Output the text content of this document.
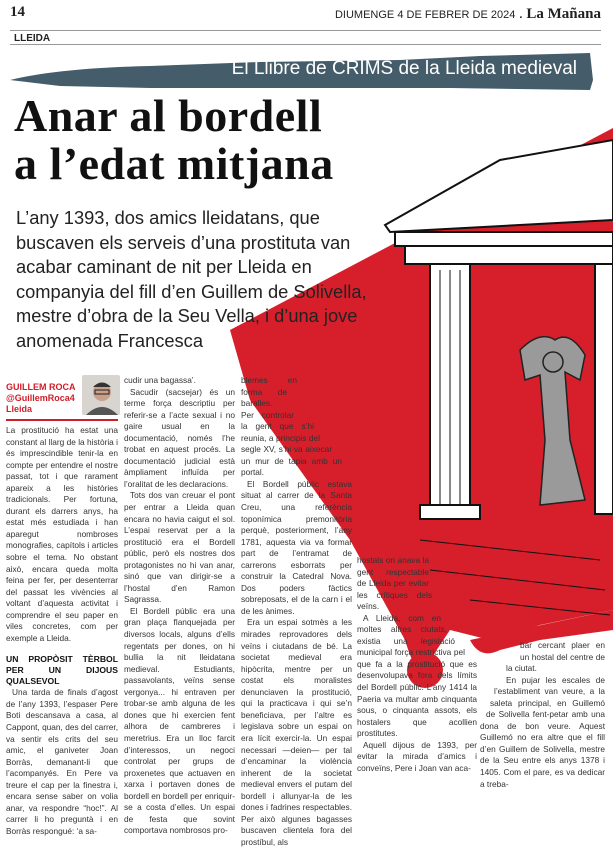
14	DIUMENGE 4 DE FEBRER DE 2024 . La Mañana
LLEIDA
El Llibre de CRIMS de la Lleida medieval
Anar al bordell
a l’edat mitjana
L’any 1393, dos amics lleidatans, que buscaven els serveis d’una prostituta van acabar caminant de nit per Lleida en companyia del fill d’en Guillem de Solivella, mestre d’obra de la Seu Vella, i d’una jove anomenada Francesca
GUILLEM ROCA
@GuillemRoca4
Lleida

La prostitució ha estat una constant al llarg de la història i és imprescindible tenir-la en compte per entendre el nostre passat, tot i que rarament apareix a les històries tradicionals. Per fortuna, durant els darrers anys, ha estat més estudiada i han aparegut nombroses monografies, capítols i articles sobre el tema. No obstant això, encara queda molta feina per fer, per desenterrar del passat les vivències al voltant d’aquesta activitat i comprendre el seu paper en viles concretes, com per exemple a Lleida.

UN PROPÒSIT TÈRBOL PER UN DIJOUS QUALSEVOL

Una tarda de finals d’agost de l’any 1393, l’espaser Pere Boti descansava a casa, al Cappont, quan, des del carrer, va sentir els crits del seu amic, el ganiveter Joan Borràs, demanant-li que l’acompanyés. En Pere va treure el cap per la finestra i, encara sense saber on volia anar, va respondre “hoc!”. Al carrer li ho preguntà i en Borràs respongué: ‘a sa-

cudir una bagassa’.

Sacudir (sacsejar) és un terme força descriptiu per referir-se a l’acte sexual i no gaire usual en la documentació, només l’he trobat en aquest procés. La documentació judicial està àmpliament influïda per l’oralitat de les declaracions.

Tots dos van creuar el pont per entrar a Lleida quan encara no havia caigut el sol. L’espai reservat per a la prostitució era el Bordell públic, però els nostres dos protagonistes no hi van anar, sinó que van dirigir-se a l’hostal d’en Ramon Sagrassa.

El Bordell públic era una gran plaça flanquejada per diversos locals, alguns d’ells regentats per dones, on hi bullia la nit lleidatana medieval. Estudiants, passavolants, veïns sense vergonya... hi entraven per trobar-se amb alguna de les dones que hi exercien fent alhora de cambreres i meretrius. Era un lloc farcit d’interessos, un negoci controlat per grups de proxenetes que actuaven en xarxa i portaven dones de bordell en bordell per enriquir-se a costa d’elles. Un espai de festa que sovint comportava nombrosos pro-

blemes en forma de baralles. Per controlar la gent que s’hi reunia, a principis del segle XV, s’hi va aixecar un mur de tapia amb un portal.

El Bordell públic estava situat al carrer de la Santa Creu, una referència toponímica premonitòria perquè, posteriorment, l’any 1781, aquesta via va formar part de l’entramat de carrerons esborrats per construir la Catedral Nova. Dos poders fàctics sobreposats, el de la carn i el de les ànimes.

Era un espai sotmès a les mirades reprovadores dels veïns i ciutadans de bé. La societat medieval era hipòcrita, mentre per un costat els moralistes denunciaven la prostitució, qui la practicava i qui se’n beneficiava, per l’altre es legislava sobre un espai on era lícit exercir-la. Un espai necessari —deien— per tal d’encaminar la violència inherent de la societat medieval envers el putam del bordell i allunyar-la de les dones i fadrines respectables. Per això algunes bagasses buscaven clientela fora del prostíbul, als

hostals on anava la gent respectable de Lleida per evitar les crítiques dels veïns.

A Lleida, com en moltes altres ciutats, existia una legislació municipal força restrictiva pel que fa a la prostitució que es desenvolupava fora dels límits del Bordell públic. L’any 1414 la Paeria va multar amb cinquanta sous, o cinquanta assots, els hostalers que acollien prostitutes.

Aquell dijous de 1393, per evitar la mirada d’amics i conveïns, Pere i Joan van aca-

bar cercant plaer en un hostal del centre de la ciutat.

En pujar les escales de l’establiment van veure, a la saleta principal, en Guillemó de Solivella fent-petar amb una dona de bon veure. Aquest Guillemó no era altre que el fill d’en Guillem de Solivella, mestre de la Seu entre els anys 1378 i 1405. Com el pare, es va dedicar a treba-
